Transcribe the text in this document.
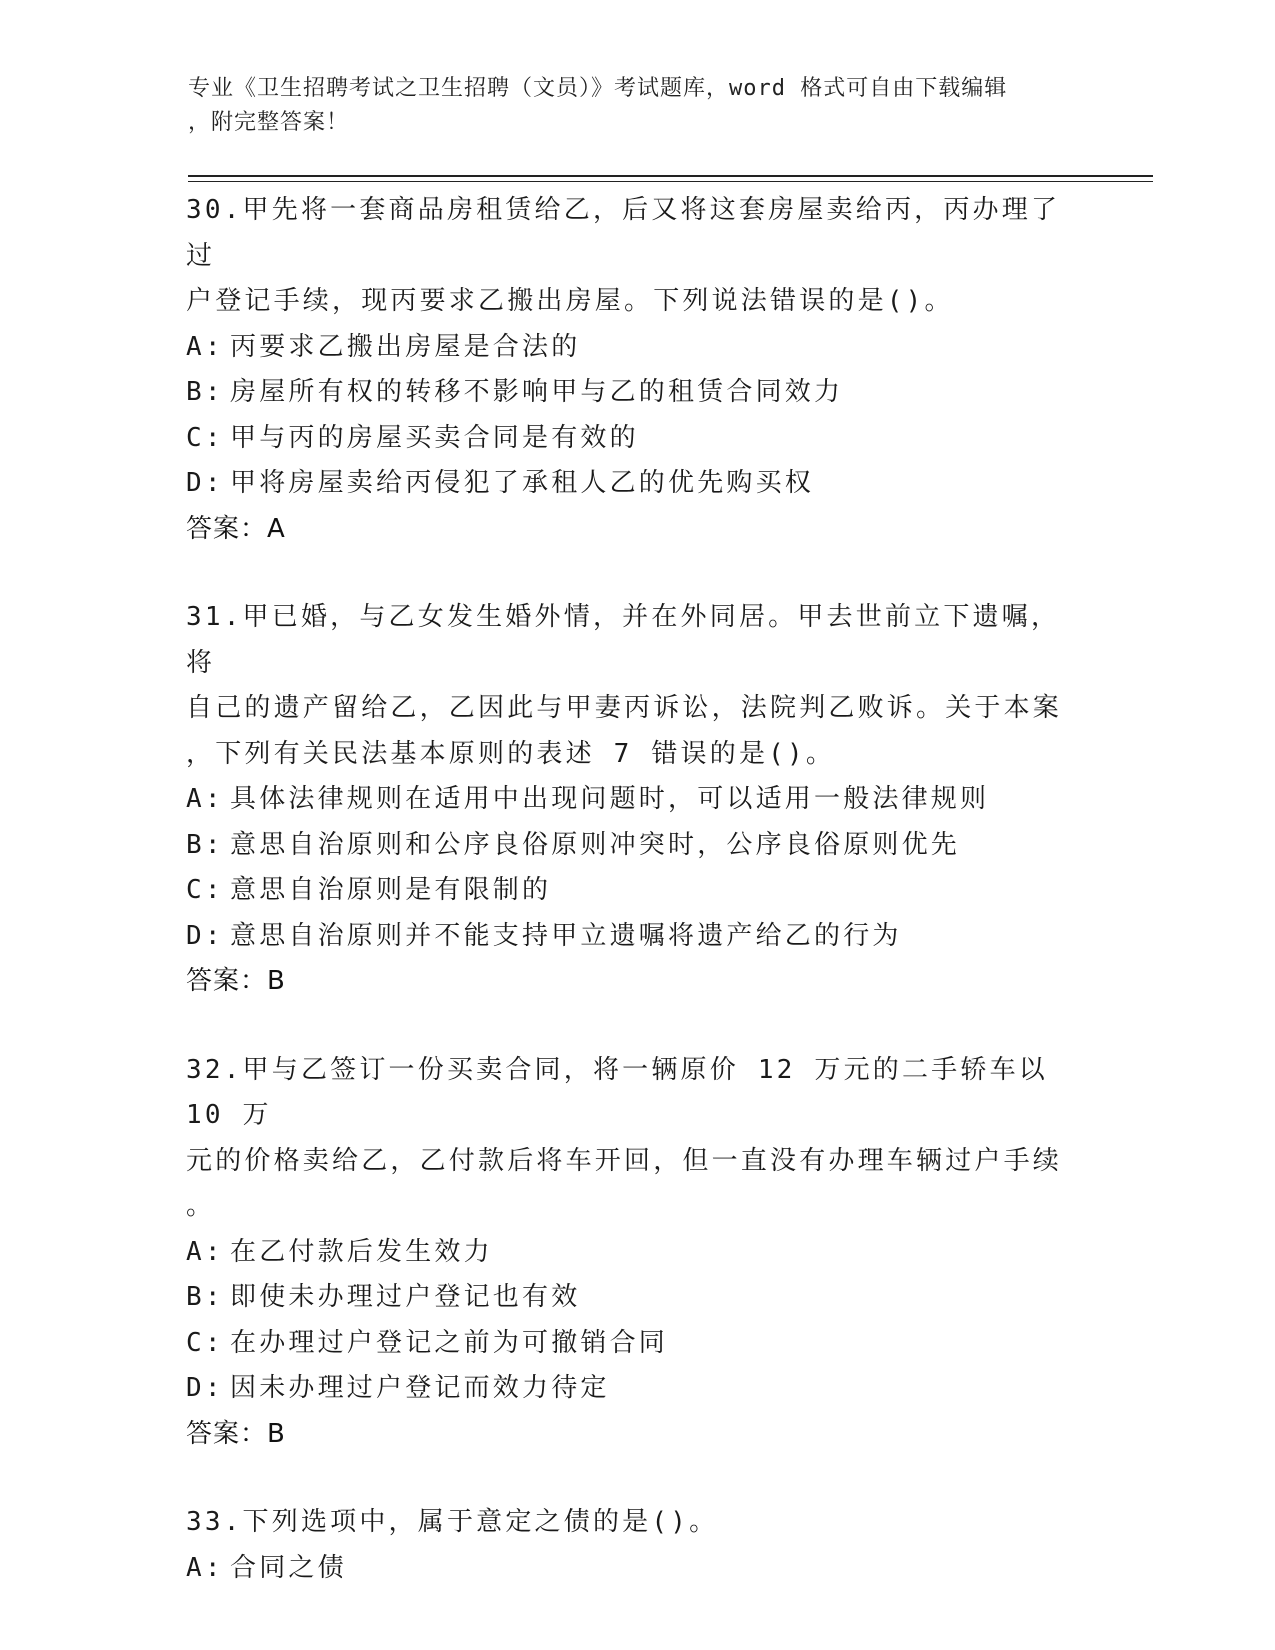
专业《卫生招聘考试之卫生招聘（文员）》考试题库，word 格式可自由下载编辑
，附完整答案！
30.甲先将一套商品房租赁给乙，后又将这套房屋卖给丙，丙办理了过
户登记手续，现丙要求乙搬出房屋。下列说法错误的是()。
A: 丙要求乙搬出房屋是合法的
B: 房屋所有权的转移不影响甲与乙的租赁合同效力
C: 甲与丙的房屋买卖合同是有效的
D: 甲将房屋卖给丙侵犯了承租人乙的优先购买权
答案：A
31.甲已婚，与乙女发生婚外情，并在外同居。甲去世前立下遗嘱，将
自己的遗产留给乙，乙因此与甲妻丙诉讼，法院判乙败诉。关于本案
，下列有关民法基本原则的表述 7 错误的是()。
A: 具体法律规则在适用中出现问题时，可以适用一般法律规则
B: 意思自治原则和公序良俗原则冲突时，公序良俗原则优先
C: 意思自治原则是有限制的
D: 意思自治原则并不能支持甲立遗嘱将遗产给乙的行为
答案：B
32.甲与乙签订一份买卖合同，将一辆原价 12 万元的二手轿车以 10 万
元的价格卖给乙，乙付款后将车开回，但一直没有办理车辆过户手续
。
A: 在乙付款后发生效力
B: 即使未办理过户登记也有效
C: 在办理过户登记之前为可撤销合同
D: 因未办理过户登记而效力待定
答案：B
33.下列选项中，属于意定之债的是()。
A: 合同之债
